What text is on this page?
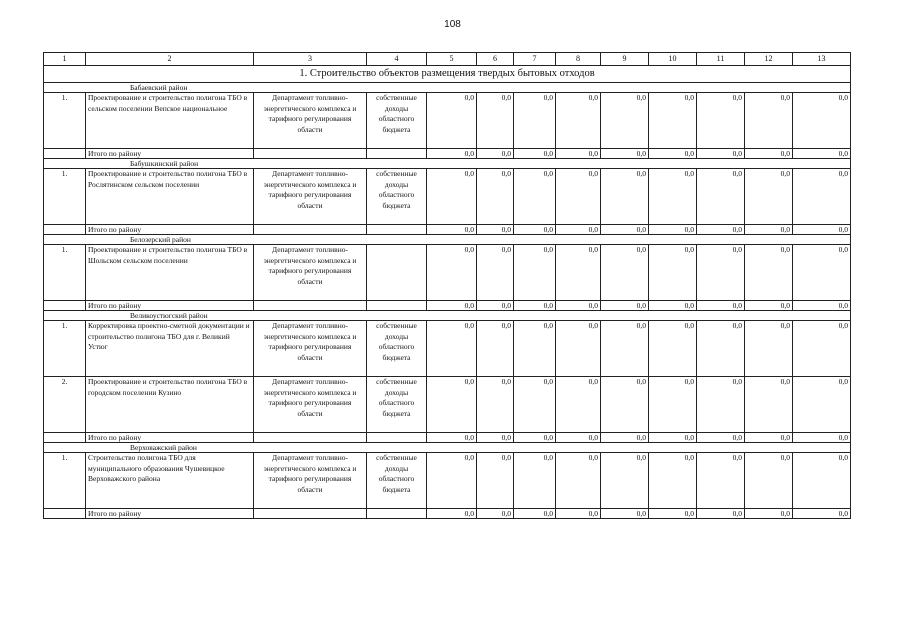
108
1	2	3	4	5	6	7	8	9	10	11	12	13
1. Строительство объектов размещения твердых бытовых отходов												
Бабаевский район												
1.	Проектирование и строительство полигона ТБО в сельском поселении Вепское национальное	Департамент топливно-энергетического комплекса и тарифного регулирования области	собственные доходы областного бюджета	0,0	0,0	0,0	0,0	0,0	0,0	0,0	0,0	0,0
	Итого по району			0,0	0,0	0,0	0,0	0,0	0,0	0,0	0,0	0,0
Бабушкинский район												
1.	Проектирование и строительство полигона ТБО в Рослятинском сельском поселении	Департамент топливно-энергетического комплекса и тарифного регулирования области	собственные доходы областного бюджета	0,0	0,0	0,0	0,0	0,0	0,0	0,0	0,0	0,0
	Итого по району			0,0	0,0	0,0	0,0	0,0	0,0	0,0	0,0	0,0
Белозерский район												
1.	Проектирование и строительство полигона ТБО в Шольском сельском поселении	Департамент топливно-энергетического комплекса и тарифного регулирования области		0,0	0,0	0,0	0,0	0,0	0,0	0,0	0,0	0,0
	Итого по району			0,0	0,0	0,0	0,0	0,0	0,0	0,0	0,0	0,0
Великоустюгский район												
1.	Корректировка проектно-сметной документации и строительство полигона ТБО для г. Великий Устюг	Департамент топливно-энергетического комплекса и тарифного регулирования области	собственные доходы областного бюджета	0,0	0,0	0,0	0,0	0,0	0,0	0,0	0,0	0,0
2.	Проектирование и строительство полигона ТБО в городском поселении Кузино	Департамент топливно-энергетического комплекса и тарифного регулирования области	собственные доходы областного бюджета	0,0	0,0	0,0	0,0	0,0	0,0	0,0	0,0	0,0
	Итого по району			0,0	0,0	0,0	0,0	0,0	0,0	0,0	0,0	0,0
Верховажский район												
1.	Строительство полигона ТБО для муниципального образования Чушевицкое Верховажского района	Департамент топливно-энергетического комплекса и тарифного регулирования области	собственные доходы областного бюджета	0,0	0,0	0,0	0,0	0,0	0,0	0,0	0,0	0,0
	Итого по району			0,0	0,0	0,0	0,0	0,0	0,0	0,0	0,0	0,0
